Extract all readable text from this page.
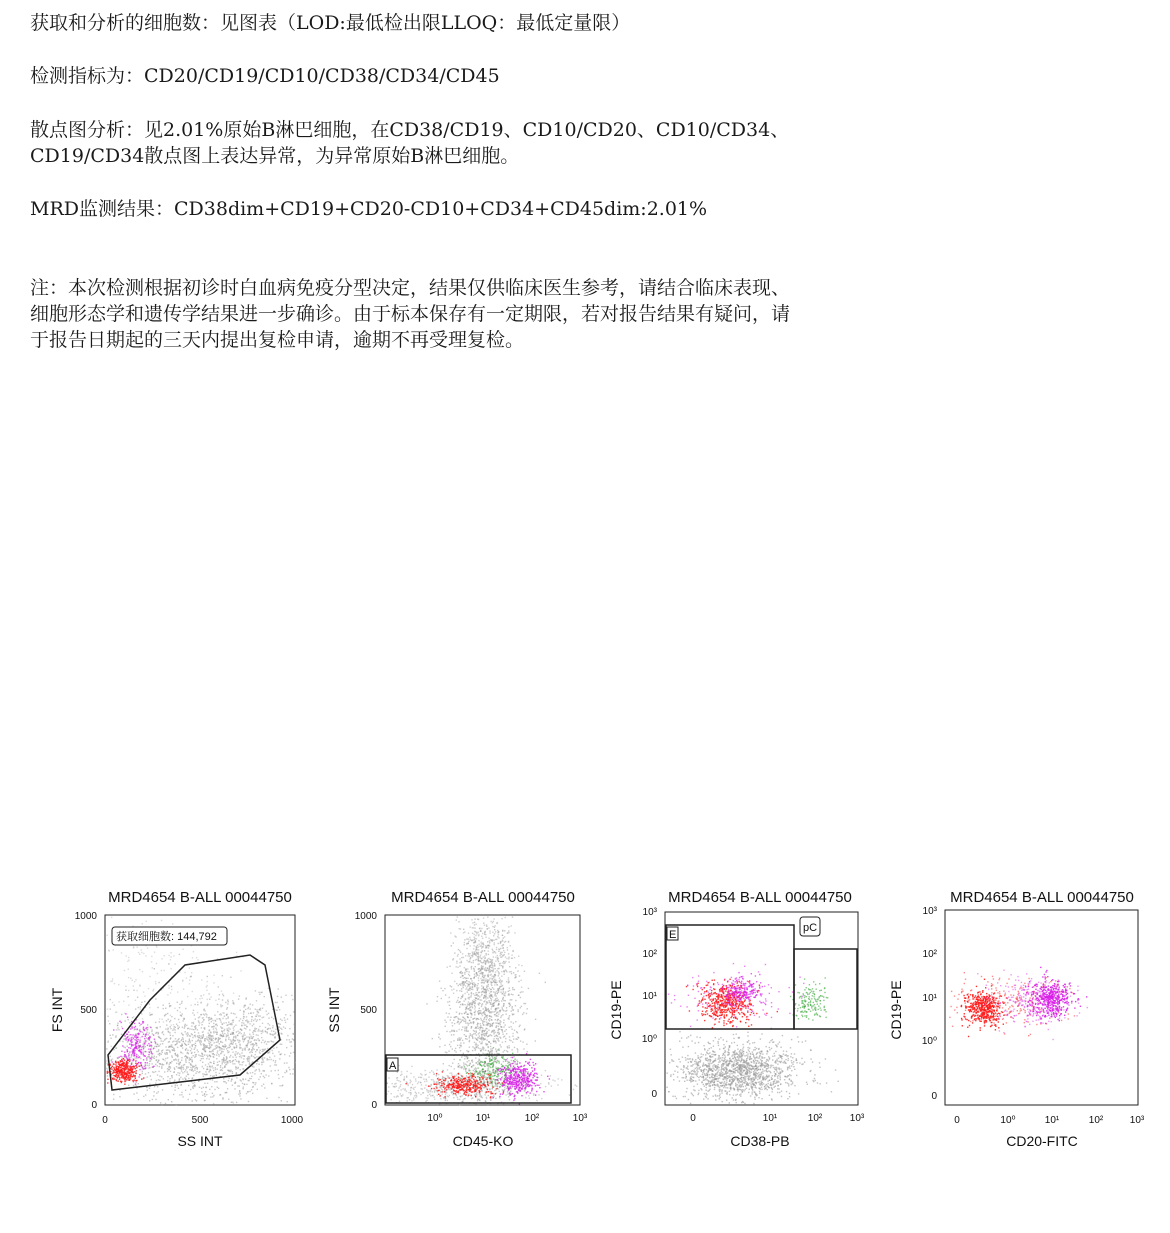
获取和分析的细胞数：见图表（LOD:最低检出限LLOQ：最低定量限）
检测指标为：CD20/CD19/CD10/CD38/CD34/CD45
散点图分析：见2.01%原始B淋巴细胞，在CD38/CD19、CD10/CD20、CD10/CD34、
CD19/CD34散点图上表达异常，为异常原始B淋巴细胞。
MRD监测结果：CD38dim+CD19+CD20-CD10+CD34+CD45dim:2.01%
注：本次检测根据初诊时白血病免疫分型决定，结果仅供临床医生参考，请结合临床表现、
细胞形态学和遗传学结果进一步确诊。由于标本保存有一定期限，若对报告结果有疑问，请
于报告日期起的三天内提出复检申请，逾期不再受理复检。
MRD4654 B-ALL 00044750
获取细胞数: 144,792
0	500	1000
0
500
1000
SS INT
FS INT
MRD4654 B-ALL 00044750
A
10⁰	10¹	10²	10³
0
500
1000
CD45-KO
SS INT
MRD4654 B-ALL 00044750
E
pC
0	10¹	10²	10³
0
10⁰
10¹
10²
10³
CD38-PB
CD19-PE
MRD4654 B-ALL 00044750
0	10⁰	10¹	10²	10³
0
10⁰
10¹
10²
10³
CD20-FITC
CD19-PE
